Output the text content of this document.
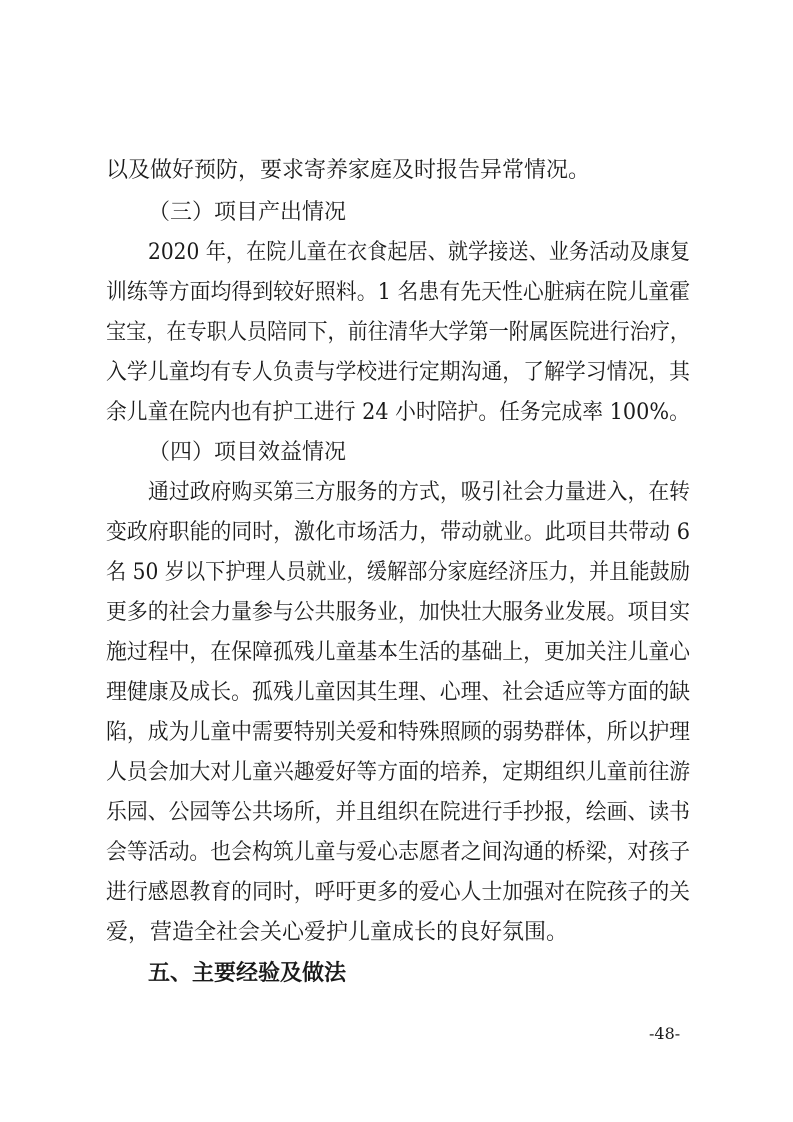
以及做好预防，要求寄养家庭及时报告异常情况。
（三）项目产出情况
2020 年，在院儿童在衣食起居、就学接送、业务活动及康复
训练等方面均得到较好照料。1 名患有先天性心脏病在院儿童霍
宝宝，在专职人员陪同下，前往清华大学第一附属医院进行治疗，
入学儿童均有专人负责与学校进行定期沟通，了解学习情况，其
余儿童在院内也有护工进行 24 小时陪护。任务完成率 100%。
（四）项目效益情况
通过政府购买第三方服务的方式，吸引社会力量进入，在转
变政府职能的同时，激化市场活力，带动就业。此项目共带动 6
名 50 岁以下护理人员就业，缓解部分家庭经济压力，并且能鼓励
更多的社会力量参与公共服务业，加快壮大服务业发展。项目实
施过程中，在保障孤残儿童基本生活的基础上，更加关注儿童心
理健康及成长。孤残儿童因其生理、心理、社会适应等方面的缺
陷，成为儿童中需要特别关爱和特殊照顾的弱势群体，所以护理
人员会加大对儿童兴趣爱好等方面的培养，定期组织儿童前往游
乐园、公园等公共场所，并且组织在院进行手抄报，绘画、读书
会等活动。也会构筑儿童与爱心志愿者之间沟通的桥梁，对孩子
进行感恩教育的同时，呼吁更多的爱心人士加强对在院孩子的关
爱，营造全社会关心爱护儿童成长的良好氛围。
五、主要经验及做法
-48-
